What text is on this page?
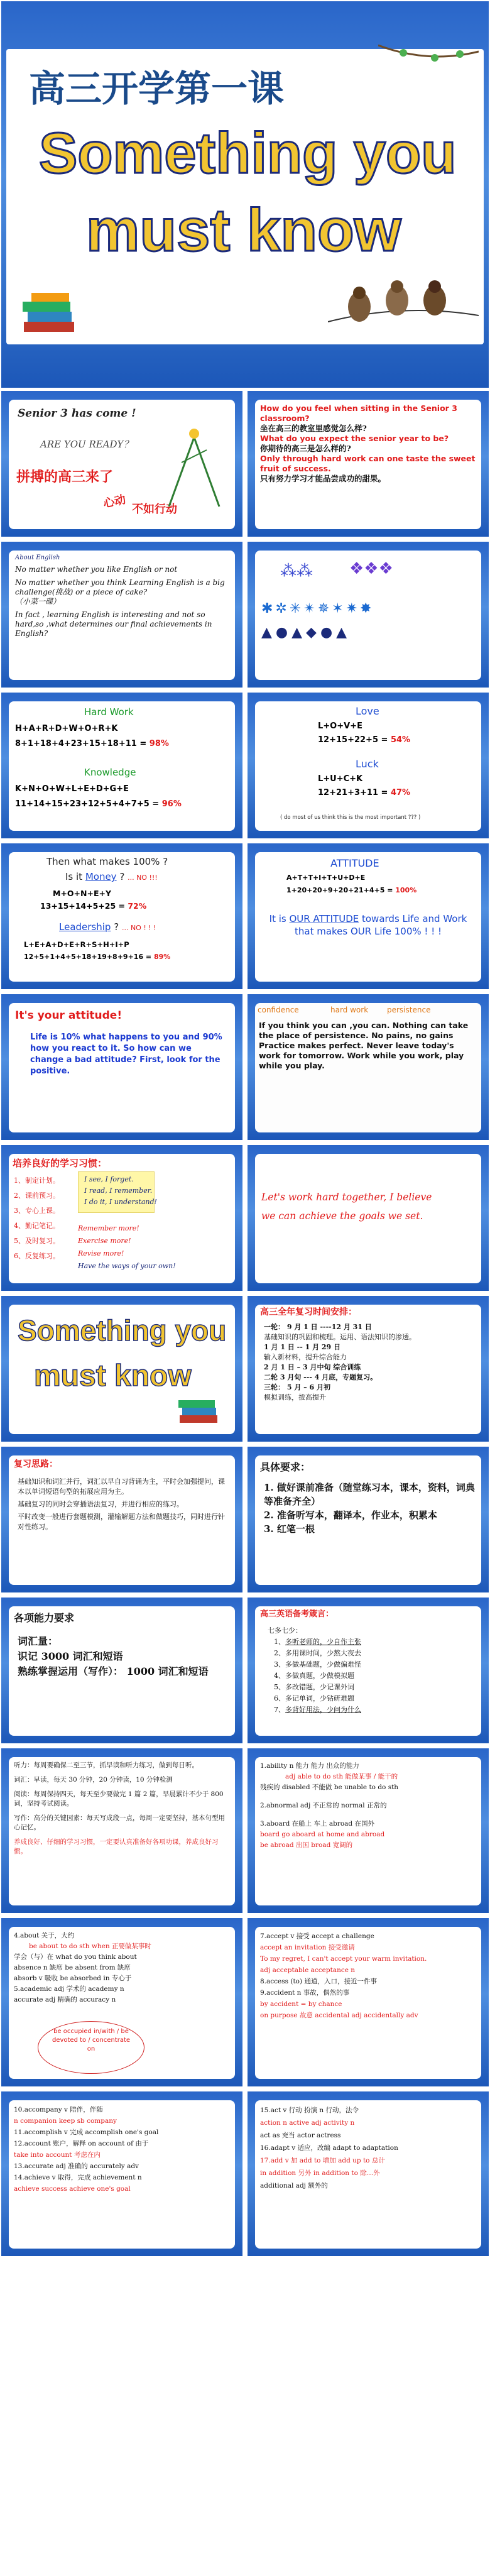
高三开学第一课
Something you
must know
Senior 3 has come !
ARE YOU READY？
拼搏的高三来了
心动 不如行动
How do you feel when sitting in the Senior 3 classroom?
坐在高三的教室里感觉怎么样?
What do you expect the senior year to be?
你期待的高三是怎么样的?
Only through hard work can one taste the sweet fruit of success.
只有努力学习才能品尝成功的甜果。
About English
No matter whether you like English or not
No matter whether you think Learning English is a big challenge(挑战) or a piece of cake?
（小菜一碟）
In fact , learning English is interesting and not so hard,so ,what determines our final achievements in English?
⁂⁂ ❖❖❖
✱✲✳✴✵✶✷✸
▲●▲◆●▲
Hard Work
H+A+R+D+W+O+R+K
8+1+18+4+23+15+18+11 = 98%
Knowledge
K+N+O+W+L+E+D+G+E
11+14+15+23+12+5+4+7+5 = 96%
Love
L+O+V+E
12+15+22+5 = 54%
Luck
L+U+C+K
12+21+3+11 = 47%
( do most of us think this is the most important ??? )
Then what makes 100% ?
Is it Money ? ... NO !!!
M+O+N+E+Y
13+15+14+5+25 = 72%
Leadership ? ... NO ! ! !
L+E+A+D+E+R+S+H+I+P
12+5+1+4+5+18+19+8+9+16 = 89%
ATTITUDE
A+T+T+I+T+U+D+E
1+20+20+9+20+21+4+5 = 100%
It is OUR ATTITUDE towards Life and Work that makes OUR Life 100% ! ! !
It's your attitude!
Life is 10% what happens to you and 90% how you react to it. So how can we change a bad attitude? First, look for the positive.
confidence	hard work persistence
If you think you can ,you can. Nothing can take the place of persistence. No pains, no gains Practice makes perfect. Never leave today's work for tomorrow. Work while you work, play while you play.
培养良好的学习习惯：
1、制定计划。
2、课前预习。
3、专心上课。
4、勤记笔记。
5、及时复习。
6、反复练习。
I see, I forget.
I read, I remember.
I do it, I understand!
Remember more!
Exercise more!
Revise more!
Have the ways of your own!
Let's work hard together, I believe
we can achieve the goals we set.
Something you
must know
高三全年复习时间安排：
一轮： 9 月 1 日 ----12 月 31 日
基础知识的巩固和梳理。运用、语法知识的渗透。
1 月 1 日 -- 1 月 29 日
输入新材料，提升综合能力
2 月 1 日 – 3 月中旬 综合训练
二轮 3 月旬 --- 4 月底，专题复习。
三轮： 5 月 – 6 月初
模拟训练，拔高提升
复习思路：
基础知识和词汇并行，词汇以早自习背诵为主，平时会加强提问，课本以单词短语句型的拓展应用为主。
基础复习的同时会穿插语法复习，并进行相应的练习。
平时改变一般进行套题模测，灌输解题方法和做题技巧，同时进行针对性练习。
具体要求：
1. 做好课前准备（随堂练习本，课本，资料，词典等准备齐全）
2. 准备听写本，翻译本，作业本，积累本
3. 红笔一根
各项能力要求
词汇量：
识记 3000 词汇和短语
熟练掌握运用（写作）： 1000 词汇和短语
高三英语备考箴言：
七多七少：
1、多听老师的，少自作主张
2、多用课时间，少熬大夜去
3、多做基础题，少做偏难怪
4、多做真题，少做模拟题
5、多改错题，少记课外词
6、多记单词，少钻研难题
7、多背好用法，少问为什么
听力：每周要确保二至三节，抓早读和听力练习，做到每日听。
词汇：早读，每天 30 分钟，20 分钟读，10 分钟检测
阅读：每周保持四天，每天至少要做完 1 篇 2 篇，早晨累计不少于 800 词，坚持考试阅读。
写作：高分的关键因素：每天写成段一点，每周一定要坚持，基本句型用心记忆。
养成良好、仔细的学习习惯，一定要认真准备好各项功课，养成良好习惯。
1.ability n 能力 能力 出众的能力
adj able to do sth 能做某事 / 能干的
残疾的 disabled 不能做 be unable to do sth
2.abnormal adj 不正常的 normal 正常的
3.aboard 在船上 车上 abroad 在国外
board go aboard at home and abroad
be abroad 出国 broad 宽阔的
4.about 关于，大约
be about to do sth when 正要做某事时
学会（与）在 what do you think about
absence n 缺席 be absent from 缺席
absorb v 吸收 be absorbed in 专心于
5.academic adj 学术的 academy n
accurate adj 精确的 accuracy n
be occupied in/with / be devoted to / concentrate on
7.accept v 接受 accept a challenge
accept an invitation 接受邀请
To my regret, I can't accept your warm invitation.
adj acceptable acceptance n
8.access (to) 通道，入口，接近一件事
9.accident n 事故，偶然的事
by accident = by chance
on purpose 故意 accidental adj accidentally adv
10.accompany v 陪伴，伴随
n companion keep sb company
11.accomplish v 完成 accomplish one's goal
12.account 账户，解释 on account of 由于
take into account 考虑在内
13.accurate adj 准确的 accurately adv
14.achieve v 取得，完成 achievement n
achieve success achieve one's goal
15.act v 行动 扮演 n 行动，法令
action n active adj activity n
act as 充当 actor actress
16.adapt v 适应，改编 adapt to adaptation
17.add v 加 add to 增加 add up to 总计
in addition 另外 in addition to 除…外
additional adj 额外的
